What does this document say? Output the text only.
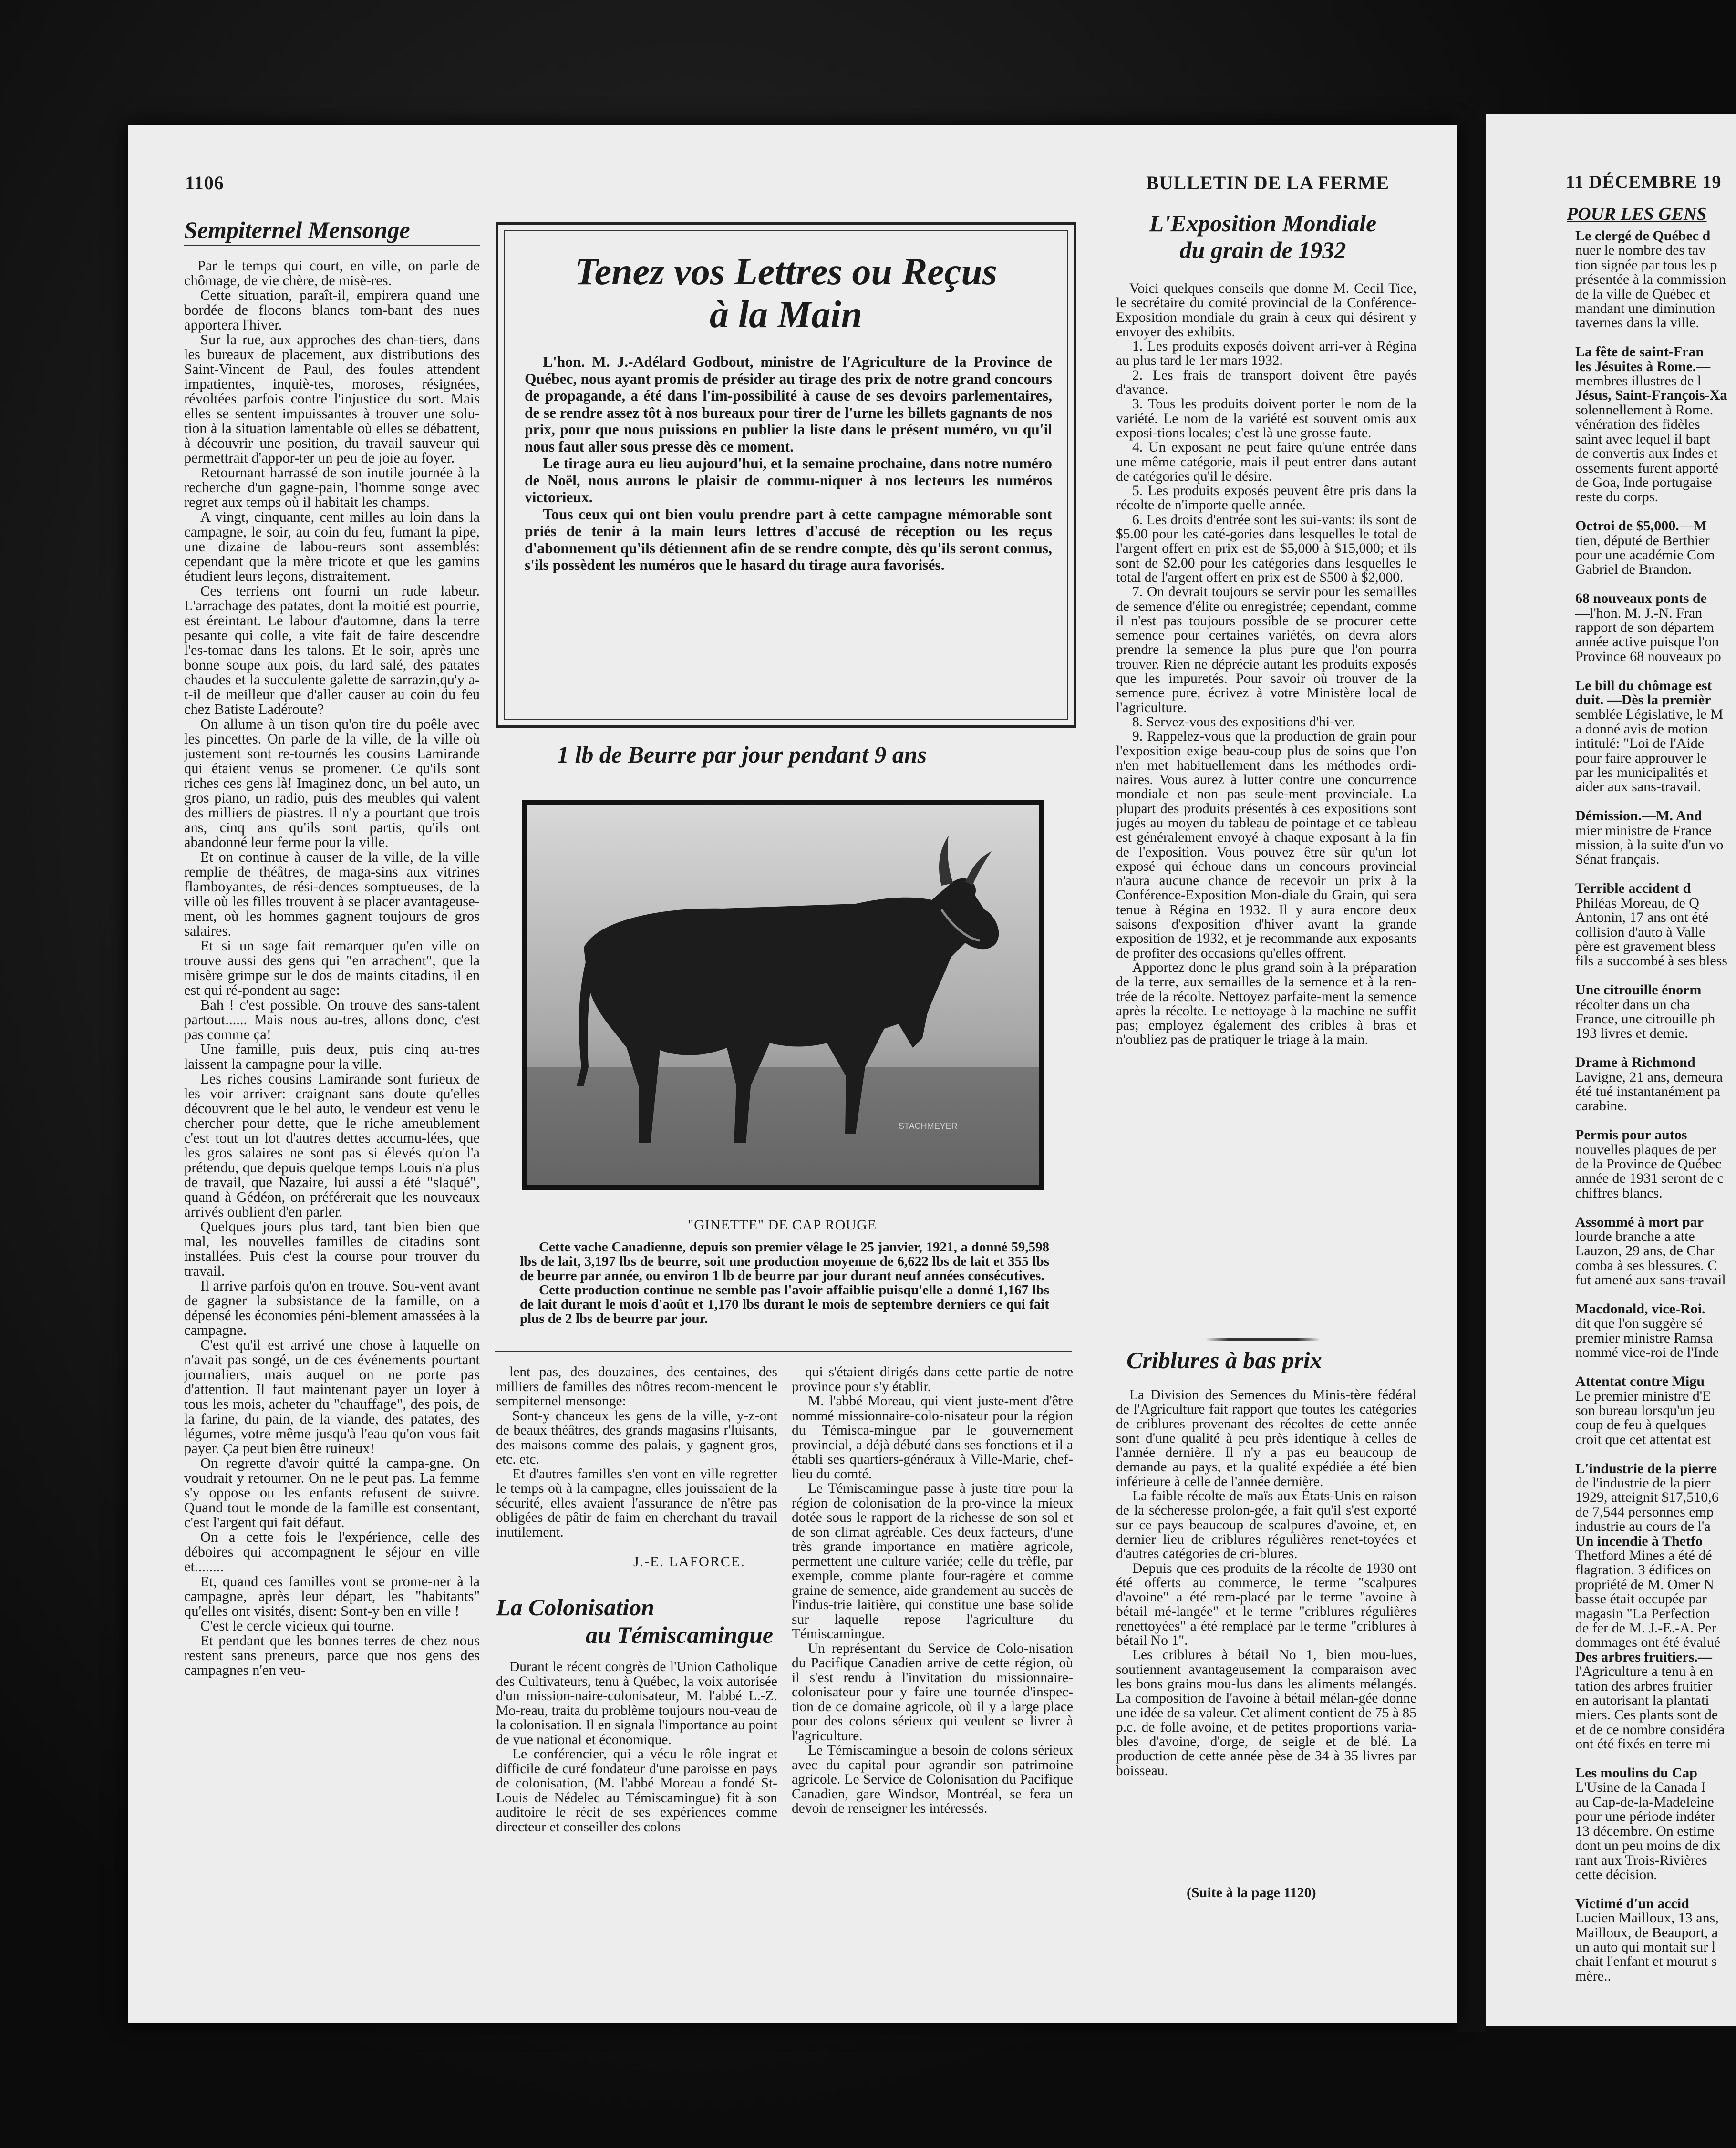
1106	BULLETIN DE LA FERME
Sempiternel Mensonge

Par le temps qui court, en ville, on parle de chômage, de vie chère, de misè-res.

Cette situation, paraît-il, empirera quand une bordée de flocons blancs tom-bant des nues apportera l'hiver.

Sur la rue, aux approches des chan-tiers, dans les bureaux de placement, aux distributions des Saint-Vincent de Paul, des foules attendent impatientes, inquiè-tes, moroses, résignées, révoltées parfois contre l'injustice du sort. Mais elles se sentent impuissantes à trouver une solu-tion à la situation lamentable où elles se débattent, à découvrir une position, du travail sauveur qui permettrait d'appor-ter un peu de joie au foyer.

Retournant harrassé de son inutile journée à la recherche d'un gagne-pain, l'homme songe avec regret aux temps où il habitait les champs.

A vingt, cinquante, cent milles au loin dans la campagne, le soir, au coin du feu, fumant la pipe, une dizaine de labou-reurs sont assemblés: cependant que la mère tricote et que les gamins étudient leurs leçons, distraitement.

Ces terriens ont fourni un rude labeur. L'arrachage des patates, dont la moitié est pourrie, est éreintant. Le labour d'automne, dans la terre pesante qui colle, a vite fait de faire descendre l'es-tomac dans les talons. Et le soir, après une bonne soupe aux pois, du lard salé, des patates chaudes et la succulente galette de sarrazin,qu'y a-t-il de meilleur que d'aller causer au coin du feu chez Batiste Ladéroute?

On allume à un tison qu'on tire du poêle avec les pincettes. On parle de la ville, de la ville où justement sont re-tournés les cousins Lamirande qui étaient venus se promener. Ce qu'ils sont riches ces gens là! Imaginez donc, un bel auto, un gros piano, un radio, puis des meubles qui valent des milliers de piastres. Il n'y a pourtant que trois ans, cinq ans qu'ils sont partis, qu'ils ont abandonné leur ferme pour la ville.

Et on continue à causer de la ville, de la ville remplie de théâtres, de maga-sins aux vitrines flamboyantes, de rési-dences somptueuses, de la ville où les filles trouvent à se placer avantageuse-ment, où les hommes gagnent toujours de gros salaires.

Et si un sage fait remarquer qu'en ville on trouve aussi des gens qui "en arrachent", que la misère grimpe sur le dos de maints citadins, il en est qui ré-pondent au sage:

Bah ! c'est possible. On trouve des sans-talent partout...... Mais nous au-tres, allons donc, c'est pas comme ça!

Une famille, puis deux, puis cinq au-tres laissent la campagne pour la ville.

Les riches cousins Lamirande sont furieux de les voir arriver: craignant sans doute qu'elles découvrent que le bel auto, le vendeur est venu le chercher pour dette, que le riche ameublement c'est tout un lot d'autres dettes accumu-lées, que les gros salaires ne sont pas si élevés qu'on l'a prétendu, que depuis quelque temps Louis n'a plus de travail, que Nazaire, lui aussi a été "slaqué", quand à Gédéon, on préférerait que les nouveaux arrivés oublient d'en parler.

Quelques jours plus tard, tant bien bien que mal, les nouvelles familles de citadins sont installées. Puis c'est la course pour trouver du travail.

Il arrive parfois qu'on en trouve. Sou-vent avant de gagner la subsistance de la famille, on a dépensé les économies péni-blement amassées à la campagne.

C'est qu'il est arrivé une chose à laquelle on n'avait pas songé, un de ces événements pourtant journaliers, mais auquel on ne porte pas d'attention. Il faut maintenant payer un loyer à tous les mois, acheter du "chauffage", des pois, de la farine, du pain, de la viande, des patates, des légumes, votre même jusqu'à l'eau qu'on vous fait payer. Ça peut bien être ruineux!

On regrette d'avoir quitté la campa-gne. On voudrait y retourner. On ne le peut pas. La femme s'y oppose ou les enfants refusent de suivre. Quand tout le monde de la famille est consentant, c'est l'argent qui fait défaut.

On a cette fois le l'expérience, celle des déboires qui accompagnent le séjour en ville et........

Et, quand ces familles vont se prome-ner à la campagne, après leur départ, les "habitants" qu'elles ont visités, disent: Sont-y ben en ville !

C'est le cercle vicieux qui tourne.

Et pendant que les bonnes terres de chez nous restent sans preneurs, parce que nos gens des campagnes n'en veu-

Tenez vos Lettres ou Reçus
à la Main

L'hon. M. J.-Adélard Godbout, ministre de l'Agriculture de la Province de Québec, nous ayant promis de présider au tirage des prix de notre grand concours de propagande, a été dans l'im-possibilité à cause de ses devoirs parlementaires, de se rendre assez tôt à nos bureaux pour tirer de l'urne les billets gagnants de nos prix, pour que nous puissions en publier la liste dans le présent numéro, vu qu'il nous faut aller sous presse dès ce moment.

Le tirage aura eu lieu aujourd'hui, et la semaine prochaine, dans notre numéro de Noël, nous aurons le plaisir de commu-niquer à nos lecteurs les numéros victorieux.

Tous ceux qui ont bien voulu prendre part à cette campagne mémorable sont priés de tenir à la main leurs lettres d'accusé de réception ou les reçus d'abonnement qu'ils détiennent afin de se rendre compte, dès qu'ils seront connus, s'ils possèdent les numéros que le hasard du tirage aura favorisés.

1 lb de Beurre par jour pendant 9 ans
STACHMEYER
"GINETTE" DE CAP ROUGE

Cette vache Canadienne, depuis son premier vêlage le 25 janvier, 1921, a donné 59,598 lbs de lait, 3,197 lbs de beurre, soit une production moyenne de 6,622 lbs de lait et 355 lbs de beurre par année, ou environ 1 lb de beurre par jour durant neuf années consécutives.

Cette production continue ne semble pas l'avoir affaiblie puisqu'elle a donné 1,167 lbs de lait durant le mois d'août et 1,170 lbs durant le mois de septembre derniers ce qui fait plus de 2 lbs de beurre par jour.

lent pas, des douzaines, des centaines, des milliers de familles des nôtres recom-mencent le sempiternel mensonge:

Sont-y chanceux les gens de la ville, y-z-ont de beaux théâtres, des grands magasins r'luisants, des maisons comme des palais, y gagnent gros, etc. etc.

Et d'autres familles s'en vont en ville regretter le temps où à la campagne, elles jouissaient de la sécurité, elles avaient l'assurance de n'être pas obligées de pâtir de faim en cherchant du travail inutilement.

J.-E. LAFORCE.
La Colonisation
au Témiscamingue

Durant le récent congrès de l'Union Catholique des Cultivateurs, tenu à Québec, la voix autorisée d'un mission-naire-colonisateur, M. l'abbé L.-Z. Mo-reau, traita du problème toujours nou-veau de la colonisation. Il en signala l'importance au point de vue national et économique.

Le conférencier, qui a vécu le rôle ingrat et difficile de curé fondateur d'une paroisse en pays de colonisation, (M. l'abbé Moreau a fondé St-Louis de Nédelec au Témiscamingue) fit à son auditoire le récit de ses expériences comme directeur et conseiller des colons

qui s'étaient dirigés dans cette partie de notre province pour s'y établir.

M. l'abbé Moreau, qui vient juste-ment d'être nommé missionnaire-colo-nisateur pour la région du Témisca-mingue par le gouvernement provincial, a déjà débuté dans ses fonctions et il a établi ses quartiers-généraux à Ville-Marie, chef-lieu du comté.

Le Témiscamingue passe à juste titre pour la région de colonisation de la pro-vince la mieux dotée sous le rapport de la richesse de son sol et de son climat agréable. Ces deux facteurs, d'une très grande importance en matière agricole, permettent une culture variée; celle du trèfle, par exemple, comme plante four-ragère et comme graine de semence, aide grandement au succès de l'indus-trie laitière, qui constitue une base solide sur laquelle repose l'agriculture du Témiscamingue.

Un représentant du Service de Colo-nisation du Pacifique Canadien arrive de cette région, où il s'est rendu à l'invitation du missionnaire-colonisateur pour y faire une tournée d'inspec-tion de ce domaine agricole, où il y a large place pour des colons sérieux qui veulent se livrer à l'agriculture.

Le Témiscamingue a besoin de colons sérieux avec du capital pour agrandir son patrimoine agricole. Le Service de Colonisation du Pacifique Canadien, gare Windsor, Montréal, se fera un devoir de renseigner les intéressés.

L'Exposition Mondiale
du grain de 1932

Voici quelques conseils que donne M. Cecil Tice, le secrétaire du comité provincial de la Conférence-Exposition mondiale du grain à ceux qui désirent y envoyer des exhibits.

1. Les produits exposés doivent arri-ver à Régina au plus tard le 1er mars 1932.

2. Les frais de transport doivent être payés d'avance.

3. Tous les produits doivent porter le nom de la variété. Le nom de la variété est souvent omis aux exposi-tions locales; c'est là une grosse faute.

4. Un exposant ne peut faire qu'une entrée dans une même catégorie, mais il peut entrer dans autant de catégories qu'il le désire.

5. Les produits exposés peuvent être pris dans la récolte de n'importe quelle année.

6. Les droits d'entrée sont les sui-vants: ils sont de $5.00 pour les caté-gories dans lesquelles le total de l'argent offert en prix est de $5,000 à $15,000; et ils sont de $2.00 pour les catégories dans lesquelles le total de l'argent offert en prix est de $500 à $2,000.

7. On devrait toujours se servir pour les semailles de semence d'élite ou enregistrée; cependant, comme il n'est pas toujours possible de se procurer cette semence pour certaines variétés, on devra alors prendre la semence la plus pure que l'on pourra trouver. Rien ne déprécie autant les produits exposés que les impuretés. Pour savoir où trouver de la semence pure, écrivez à votre Ministère local de l'agriculture.

8. Servez-vous des expositions d'hi-ver.

9. Rappelez-vous que la production de grain pour l'exposition exige beau-coup plus de soins que l'on n'en met habituellement dans les méthodes ordi-naires. Vous aurez à lutter contre une concurrence mondiale et non pas seule-ment provinciale. La plupart des produits présentés à ces expositions sont jugés au moyen du tableau de pointage et ce tableau est généralement envoyé à chaque exposant à la fin de l'exposition. Vous pouvez être sûr qu'un lot exposé qui échoue dans un concours provincial n'aura aucune chance de recevoir un prix à la Conférence-Exposition Mon-diale du Grain, qui sera tenue à Régina en 1932. Il y aura encore deux saisons d'exposition d'hiver avant la grande exposition de 1932, et je recommande aux exposants de profiter des occasions qu'elles offrent.

Apportez donc le plus grand soin à la préparation de la terre, aux semailles de la semence et à la ren-trée de la récolte. Nettoyez parfaite-ment la semence après la récolte. Le nettoyage à la machine ne suffit pas; employez également des cribles à bras et n'oubliez pas de pratiquer le triage à la main.

Criblures à bas prix

La Division des Semences du Minis-tère fédéral de l'Agriculture fait rapport que toutes les catégories de criblures provenant des récoltes de cette année sont d'une qualité à peu près identique à celles de l'année dernière. Il n'y a pas eu beaucoup de demande au pays, et la qualité expédiée a été bien inférieure à celle de l'année dernière.

La faible récolte de maïs aux États-Unis en raison de la sécheresse prolon-gée, a fait qu'il s'est exporté sur ce pays beaucoup de scalpures d'avoine, et, en dernier lieu de criblures régulières renet-toyées et d'autres catégories de cri-blures.

Depuis que ces produits de la récolte de 1930 ont été offerts au commerce, le terme "scalpures d'avoine" a été rem-placé par le terme "avoine à bétail mé-langée" et le terme "criblures régulières renettoyées" a été remplacé par le terme "criblures à bétail No 1".

Les criblures à bétail No 1, bien mou-lues, soutiennent avantageusement la comparaison avec les bons grains mou-lus dans les aliments mélangés. La composition de l'avoine à bétail mélan-gée donne une idée de sa valeur. Cet aliment contient de 75 à 85 p.c. de folle avoine, et de petites proportions varia-bles d'avoine, d'orge, de seigle et de blé. La production de cette année pèse de 34 à 35 livres par boisseau.

(Suite à la page 1120)
11 DÉCEMBRE 19
POUR LES GENS

Le clergé de Québec d

nuer le nombre des tav

tion signée par tous les p

présentée à la commission

de la ville de Québec et

mandant une diminution

tavernes dans la ville.

La fête de saint-Fran

les Jésuites à Rome.—

membres illustres de l

Jésus, Saint-François-Xa

solennellement à Rome.

vénération des fidèles

saint avec lequel il bapt

de convertis aux Indes et

ossements furent apporté

de Goa, Inde portugaise

reste du corps.

Octroi de $5,000.—M

tien, député de Berthier

pour une académie Com

Gabriel de Brandon.

68 nouveaux ponts de

—l'hon. M. J.-N. Fran

rapport de son départem

année active puisque l'on

Province 68 nouveaux po

Le bill du chômage est

duit. —Dès la premièr

semblée Législative, le M

a donné avis de motion

intitulé: "Loi de l'Aide

pour faire approuver le

par les municipalités et

aider aux sans-travail.

Démission.—M. And

mier ministre de France

mission, à la suite d'un vo

Sénat français.

Terrible accident d

Philéas Moreau, de Q

Antonin, 17 ans ont été

collision d'auto à Valle

père est gravement bless

fils a succombé à ses bless

Une citrouille énorm

récolter dans un cha

France, une citrouille ph

193 livres et demie.

Drame à Richmond

Lavigne, 21 ans, demeura

été tué instantanément pa

carabine.

Permis pour autos

nouvelles plaques de per

de la Province de Québec

année de 1931 seront de c

chiffres blancs.

Assommé à mort par

lourde branche a atte

Lauzon, 29 ans, de Char

comba à ses blessures. C

fut amené aux sans-travail

Macdonald, vice-Roi.

dit que l'on suggère sé

premier ministre Ramsa

nommé vice-roi de l'Inde

Attentat contre Migu

Le premier ministre d'E

son bureau lorsqu'un jeu

coup de feu à quelques

croit que cet attentat est

L'industrie de la pierre

de l'industrie de la pierr

1929, atteignit $17,510,6

de 7,544 personnes emp

industrie au cours de l'a

Un incendie à Thetfo

Thetford Mines a été dé

flagration. 3 édifices on

propriété de M. Omer N

basse était occupée par

magasin "La Perfection

de fer de M. J.-E.-A. Per

dommages ont été évalué

Des arbres fruitiers.—

l'Agriculture a tenu à en

tation des arbres fruitier

en autorisant la plantati

miers. Ces plants sont de

et de ce nombre considéra

ont été fixés en terre mi

Les moulins du Cap

L'Usine de la Canada I

au Cap-de-la-Madeleine

pour une période indéter

13 décembre. On estime

dont un peu moins de dix

rant aux Trois-Rivières

cette décision.

Victimé d'un accid

Lucien Mailloux, 13 ans,

Mailloux, de Beauport, a

un auto qui montait sur l

chait l'enfant et mourut s

mère..
